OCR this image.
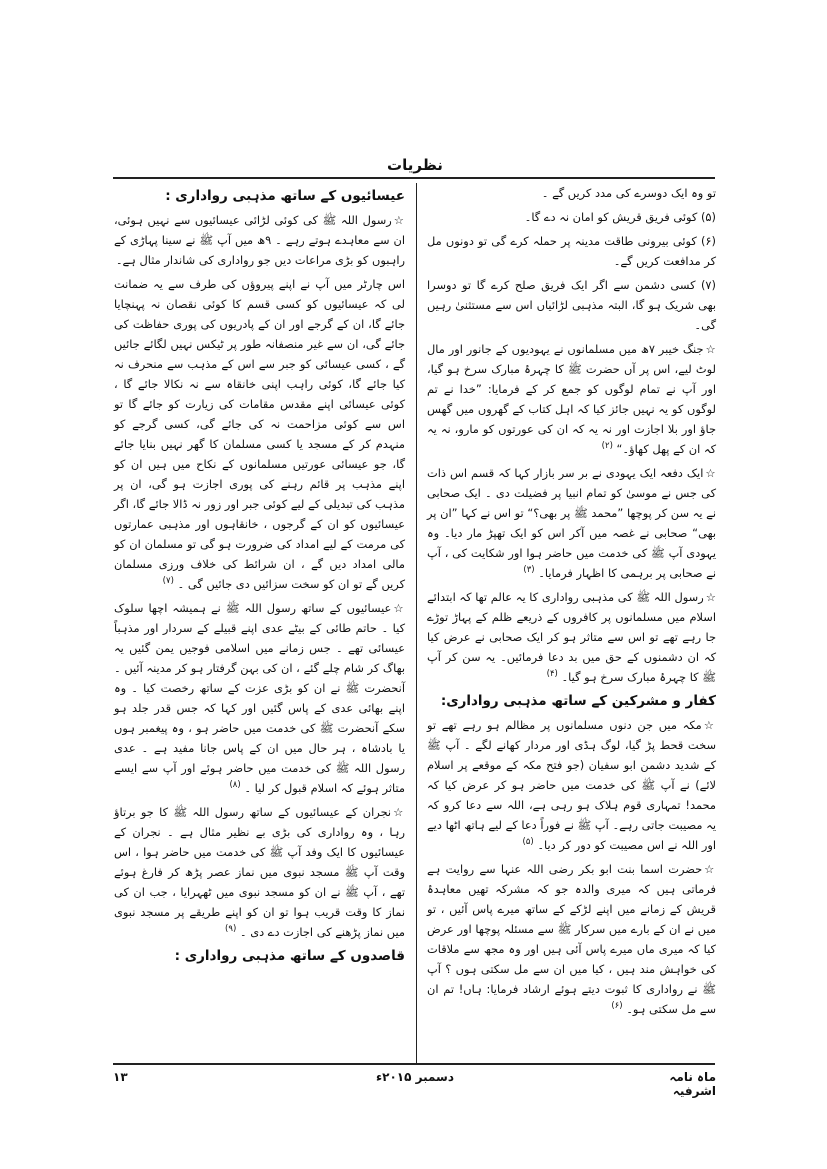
نظریات

تو وہ ایک دوسرے کی مدد کریں گے ۔

(۵) کوئی فریق قریش کو امان نہ دے گا۔

(۶) کوئی بیرونی طاقت مدینہ پر حملہ کرے گی تو دونوں مل کر مدافعت کریں گے۔

(۷) کسی دشمن سے اگر ایک فریق صلح کرے گا تو دوسرا بھی شریک ہو گا، البتہ مذہبی لڑائیاں اس سے مستثنیٰ رہیں گی۔

☆جنگ خیبر ۷ھ میں مسلمانوں نے یہودیوں کے جانور اور مال لوٹ لیے، اس پر آں حضرت ﷺ کا چہرۂ مبارک سرخ ہو گیا، اور آپ نے تمام لوگوں کو جمع کر کے فرمایا: ”خدا نے تم لوگوں کو یہ نہیں جائز کیا کہ اہل کتاب کے گھروں میں گھس جاؤ اور بلا اجازت اور نہ یہ کہ ان کی عورتوں کو مارو، نہ یہ کہ ان کے پھل کھاؤ۔“ $^{(۲)}$

☆ایک دفعہ ایک یہودی نے بر سر بازار کہا کہ قسم اس ذات کی جس نے موسیٰ کو تمام انبیا پر فضیلت دی ۔ ایک صحابی نے یہ سن کر پوچھا ”محمد ﷺ پر بھی؟“ تو اس نے کہا ”ان پر بھی“ صحابی نے غصہ میں آکر اس کو ایک تھپڑ مار دیا۔ وہ یہودی آپ ﷺ کی خدمت میں حاضر ہوا اور شکایت کی ، آپ نے صحابی پر برہمی کا اظہار فرمایا۔ $^{(۳)}$

☆رسول اللہ ﷺ کی مذہبی رواداری کا یہ عالم تھا کہ ابتدائے اسلام میں مسلمانوں پر کافروں کے ذریعے ظلم کے پہاڑ توڑے جا رہے تھے تو اس سے متاثر ہو کر ایک صحابی نے عرض کیا کہ ان دشمنوں کے حق میں بد دعا فرمائیں۔ یہ سن کر آپ ﷺ کا چہرۂ مبارک سرخ ہو گیا۔ $^{(۴)}$

کفار و مشرکین کے ساتھ مذہبی رواداری:

☆مکہ میں جن دنوں مسلمانوں پر مظالم ہو رہے تھے تو سخت قحط پڑ گیا، لوگ ہڈی اور مردار کھانے لگے ۔ آپ ﷺ کے شدید دشمن ابو سفیان (جو فتح مکہ کے موقعے پر اسلام لائے) نے آپ ﷺ کی خدمت میں حاضر ہو کر عرض کیا کہ محمد! تمہاری قوم ہلاک ہو رہی ہے، اللہ سے دعا کرو کہ یہ مصیبت جاتی رہے۔ آپ ﷺ نے فوراً دعا کے لیے ہاتھ اٹھا دیے اور اللہ نے اس مصیبت کو دور کر دیا۔ $^{(۵)}$

☆حضرت اسما بنت ابو بکر رضی اللہ عنہا سے روایت ہے فرماتی ہیں کہ میری والدہ جو کہ مشرکہ تھیں معاہدۂ قریش کے زمانے میں اپنے لڑکے کے ساتھ میرے پاس آئیں ، تو میں نے ان کے بارے میں سرکار ﷺ سے مسئلہ پوچھا اور عرض کیا کہ میری ماں میرے پاس آئی ہیں اور وہ مجھ سے ملاقات کی خواہش مند ہیں ، کیا میں ان سے مل سکتی ہوں ؟ آپ ﷺ نے رواداری کا ثبوت دیتے ہوئے ارشاد فرمایا: ہاں! تم ان سے مل سکتی ہو۔ $^{(۶)}$

عیسائیوں کے ساتھ مذہبی رواداری :

☆رسول اللہ ﷺ کی کوئی لڑائی عیسائیوں سے نہیں ہوئی، ان سے معاہدے ہوتے رہے ۔ ۹ھ میں آپ ﷺ نے سینا پہاڑی کے راہبوں کو بڑی مراعات دیں جو رواداری کی شاندار مثال ہے۔

اس چارٹر میں آپ نے اپنے پیروؤں کی طرف سے یہ ضمانت لی کہ عیسائیوں کو کسی قسم کا کوئی نقصان نہ پہنچایا جائے گا، ان کے گرجے اور ان کے پادریوں کی پوری حفاظت کی جائے گی، ان سے غیر منصفانہ طور پر ٹیکس نہیں لگائے جائیں گے ، کسی عیسائی کو جبر سے اس کے مذہب سے منحرف نہ کیا جائے گا، کوئی راہب اپنی خانقاہ سے نہ نکالا جائے گا ، کوئی عیسائی اپنے مقدس مقامات کی زیارت کو جائے گا تو اس سے کوئی مزاحمت نہ کی جائے گی، کسی گرجے کو منہدم کر کے مسجد یا کسی مسلمان کا گھر نہیں بنایا جائے گا، جو عیسائی عورتیں مسلمانوں کے نکاح میں ہیں ان کو اپنے مذہب پر قائم رہنے کی پوری اجازت ہو گی، ان پر مذہب کی تبدیلی کے لیے کوئی جبر اور زور نہ ڈالا جائے گا، اگر عیسائیوں کو ان کے گرجوں ، خانقاہوں اور مذہبی عمارتوں کی مرمت کے لیے امداد کی ضرورت ہو گی تو مسلمان ان کو مالی امداد دیں گے ، ان شرائط کی خلاف ورزی مسلمان کریں گے تو ان کو سخت سزائیں دی جائیں گی ۔ $^{(۷)}$

☆عیسائیوں کے ساتھ رسول اللہ ﷺ نے ہمیشہ اچھا سلوک کیا ۔ حاتم طائی کے بیٹے عدی اپنے قبیلے کے سردار اور مذہباً عیسائی تھے ۔ جس زمانے میں اسلامی فوجیں یمن گئیں یہ بھاگ کر شام چلے گئے ، ان کی بہن گرفتار ہو کر مدینہ آئیں ۔ آنحضرت ﷺ نے ان کو بڑی عزت کے ساتھ رخصت کیا ۔ وہ اپنے بھائی عدی کے پاس گئیں اور کہا کہ جس قدر جلد ہو سکے آنحضرت ﷺ کی خدمت میں حاضر ہو ، وہ پیغمبر ہوں یا بادشاہ ، ہر حال میں ان کے پاس جانا مفید ہے ۔ عدی رسول اللہ ﷺ کی خدمت میں حاضر ہوئے اور آپ سے ایسے متاثر ہوئے کہ اسلام قبول کر لیا ۔ $^{(۸)}$

☆نجران کے عیسائیوں کے ساتھ رسول اللہ ﷺ کا جو برتاؤ رہا ، وہ رواداری کی بڑی بے نظیر مثال ہے ۔ نجران کے عیسائیوں کا ایک وفد آپ ﷺ کی خدمت میں حاضر ہوا ، اس وقت آپ ﷺ مسجد نبوی میں نماز عصر پڑھ کر فارغ ہوئے تھے ، آپ ﷺ نے ان کو مسجد نبوی میں ٹھہرایا ، جب ان کی نماز کا وقت قریب ہوا تو ان کو اپنے طریقے پر مسجد نبوی میں نماز پڑھنے کی اجازت دے دی ۔ $^{(۹)}$

قاصدوں کے ساتھ مذہبی رواداری :
ماہ نامہ اشرفیہ
دسمبر ۲۰۱۵ء
۱۳
